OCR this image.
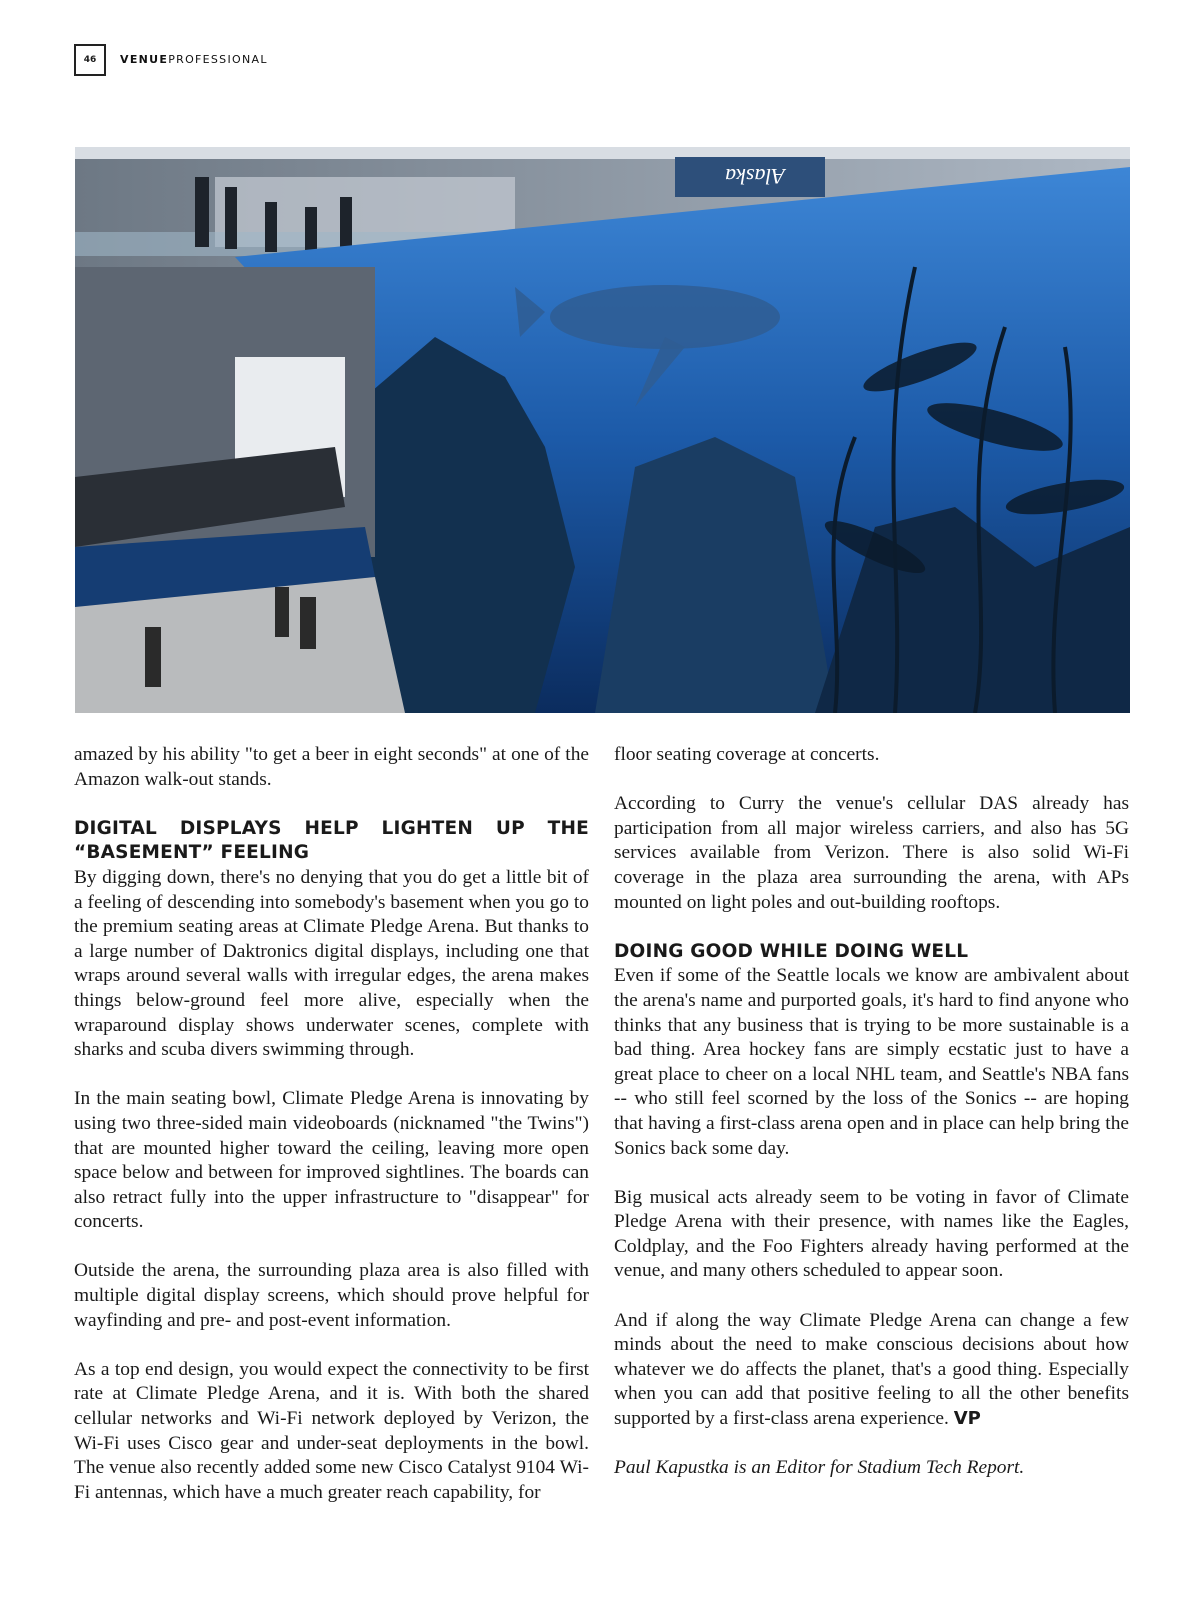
46	VENUEPROFESSIONAL
Alaska

amazed by his ability "to get a beer in eight seconds" at one of the Amazon walk-out stands.

DIGITAL DISPLAYS HELP LIGHTEN UP THE “BASEMENT” FEELING

By digging down, there's no denying that you do get a little bit of a feeling of descending into somebody's basement when you go to the premium seating areas at Climate Pledge Arena. But thanks to a large number of Daktronics digital displays, including one that wraps around several walls with irregular edges, the arena makes things below-ground feel more alive, especially when the wraparound display shows underwater scenes, complete with sharks and scuba divers swimming through.

In the main seating bowl, Climate Pledge Arena is innovating by using two three-sided main videoboards (nicknamed "the Twins") that are mounted higher toward the ceiling, leaving more open space below and between for improved sightlines. The boards can also retract fully into the upper infrastructure to "disappear" for concerts.

Outside the arena, the surrounding plaza area is also filled with multiple digital display screens, which should prove helpful for wayfinding and pre- and post-event information.

As a top end design, you would expect the connectivity to be first rate at Climate Pledge Arena, and it is. With both the shared cellular networks and Wi-Fi network deployed by Verizon, the Wi-Fi uses Cisco gear and under-seat deployments in the bowl. The venue also recently added some new Cisco Catalyst 9104 Wi-Fi antennas, which have a much greater reach capability, for

floor seating coverage at concerts.

According to Curry the venue's cellular DAS already has participation from all major wireless carriers, and also has 5G services available from Verizon. There is also solid Wi-Fi coverage in the plaza area surrounding the arena, with APs mounted on light poles and out-building rooftops.

DOING GOOD WHILE DOING WELL

Even if some of the Seattle locals we know are ambivalent about the arena's name and purported goals, it's hard to find anyone who thinks that any business that is trying to be more sustainable is a bad thing. Area hockey fans are simply ecstatic just to have a great place to cheer on a local NHL team, and Seattle's NBA fans -- who still feel scorned by the loss of the Sonics -- are hoping that having a first-class arena open and in place can help bring the Sonics back some day.

Big musical acts already seem to be voting in favor of Climate Pledge Arena with their presence, with names like the Eagles, Coldplay, and the Foo Fighters already having performed at the venue, and many others scheduled to appear soon.

And if along the way Climate Pledge Arena can change a few minds about the need to make conscious decisions about how whatever we do affects the planet, that's a good thing. Especially when you can add that positive feeling to all the other benefits supported by a first-class arena experience. VP

Paul Kapustka is an Editor for Stadium Tech Report.
